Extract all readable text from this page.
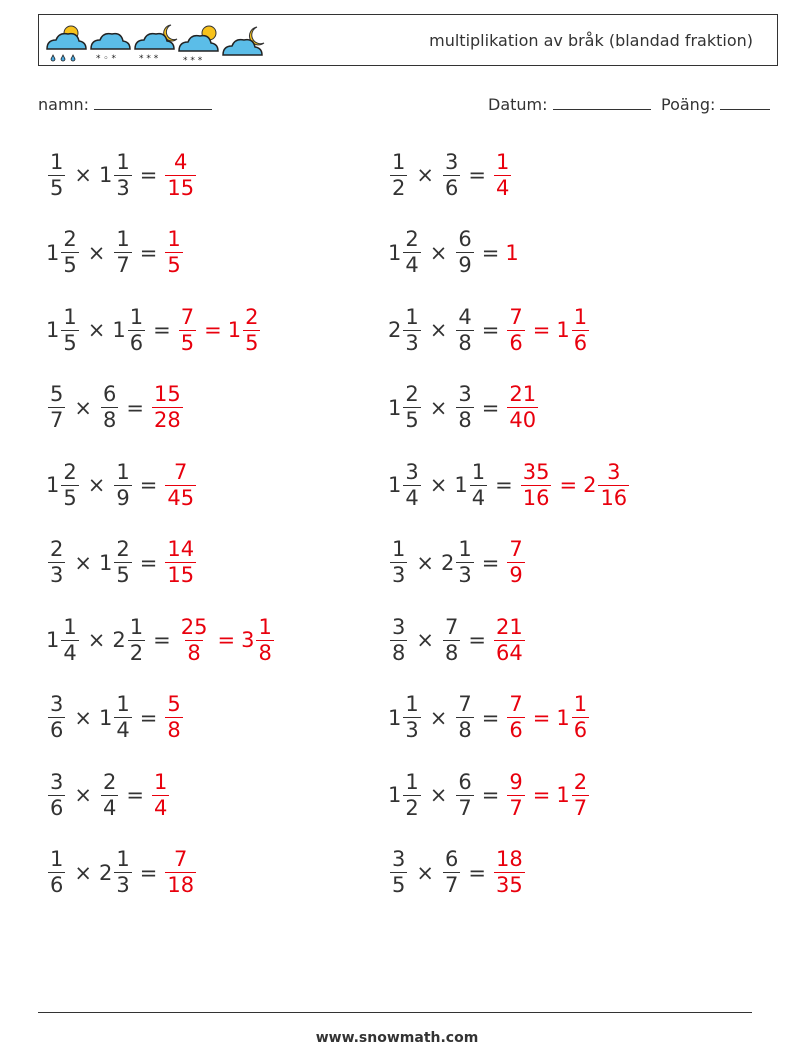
* ◦ *	* * *	* * *
multiplikation av bråk (blandad fraktion)
namn:	Datum:	Poäng:
$\frac{1}{5} \times 1 \frac{1}{3} = \frac{4}{15}$	$\frac{1}{2} \times \frac{3}{6} = \frac{1}{4}$
$1 \frac{2}{5} \times \frac{1}{7} = \frac{1}{5}$	$1 \frac{2}{4} \times \frac{6}{9} = 1$
$1 \frac{1}{5} \times 1 \frac{1}{6} = \frac{7}{5} = 1 \frac{2}{5}$	$2 \frac{1}{3} \times \frac{4}{8} = \frac{7}{6} = 1 \frac{1}{6}$
$\frac{5}{7} \times \frac{6}{8} = \frac{15}{28}$	$1 \frac{2}{5} \times \frac{3}{8} = \frac{21}{40}$
$1 \frac{2}{5} \times \frac{1}{9} = \frac{7}{45}$	$1 \frac{3}{4} \times 1 \frac{1}{4} = \frac{35}{16} = 2 \frac{3}{16}$
$\frac{2}{3} \times 1 \frac{2}{5} = \frac{14}{15}$	$\frac{1}{3} \times 2 \frac{1}{3} = \frac{7}{9}$
$1 \frac{1}{4} \times 2 \frac{1}{2} = \frac{25}{8} = 3 \frac{1}{8}$	$\frac{3}{8} \times \frac{7}{8} = \frac{21}{64}$
$\frac{3}{6} \times 1 \frac{1}{4} = \frac{5}{8}$	$1 \frac{1}{3} \times \frac{7}{8} = \frac{7}{6} = 1 \frac{1}{6}$
$\frac{3}{6} \times \frac{2}{4} = \frac{1}{4}$	$1 \frac{1}{2} \times \frac{6}{7} = \frac{9}{7} = 1 \frac{2}{7}$
$\frac{1}{6} \times 2 \frac{1}{3} = \frac{7}{18}$	$\frac{3}{5} \times \frac{6}{7} = \frac{18}{35}$
www.snowmath.com
